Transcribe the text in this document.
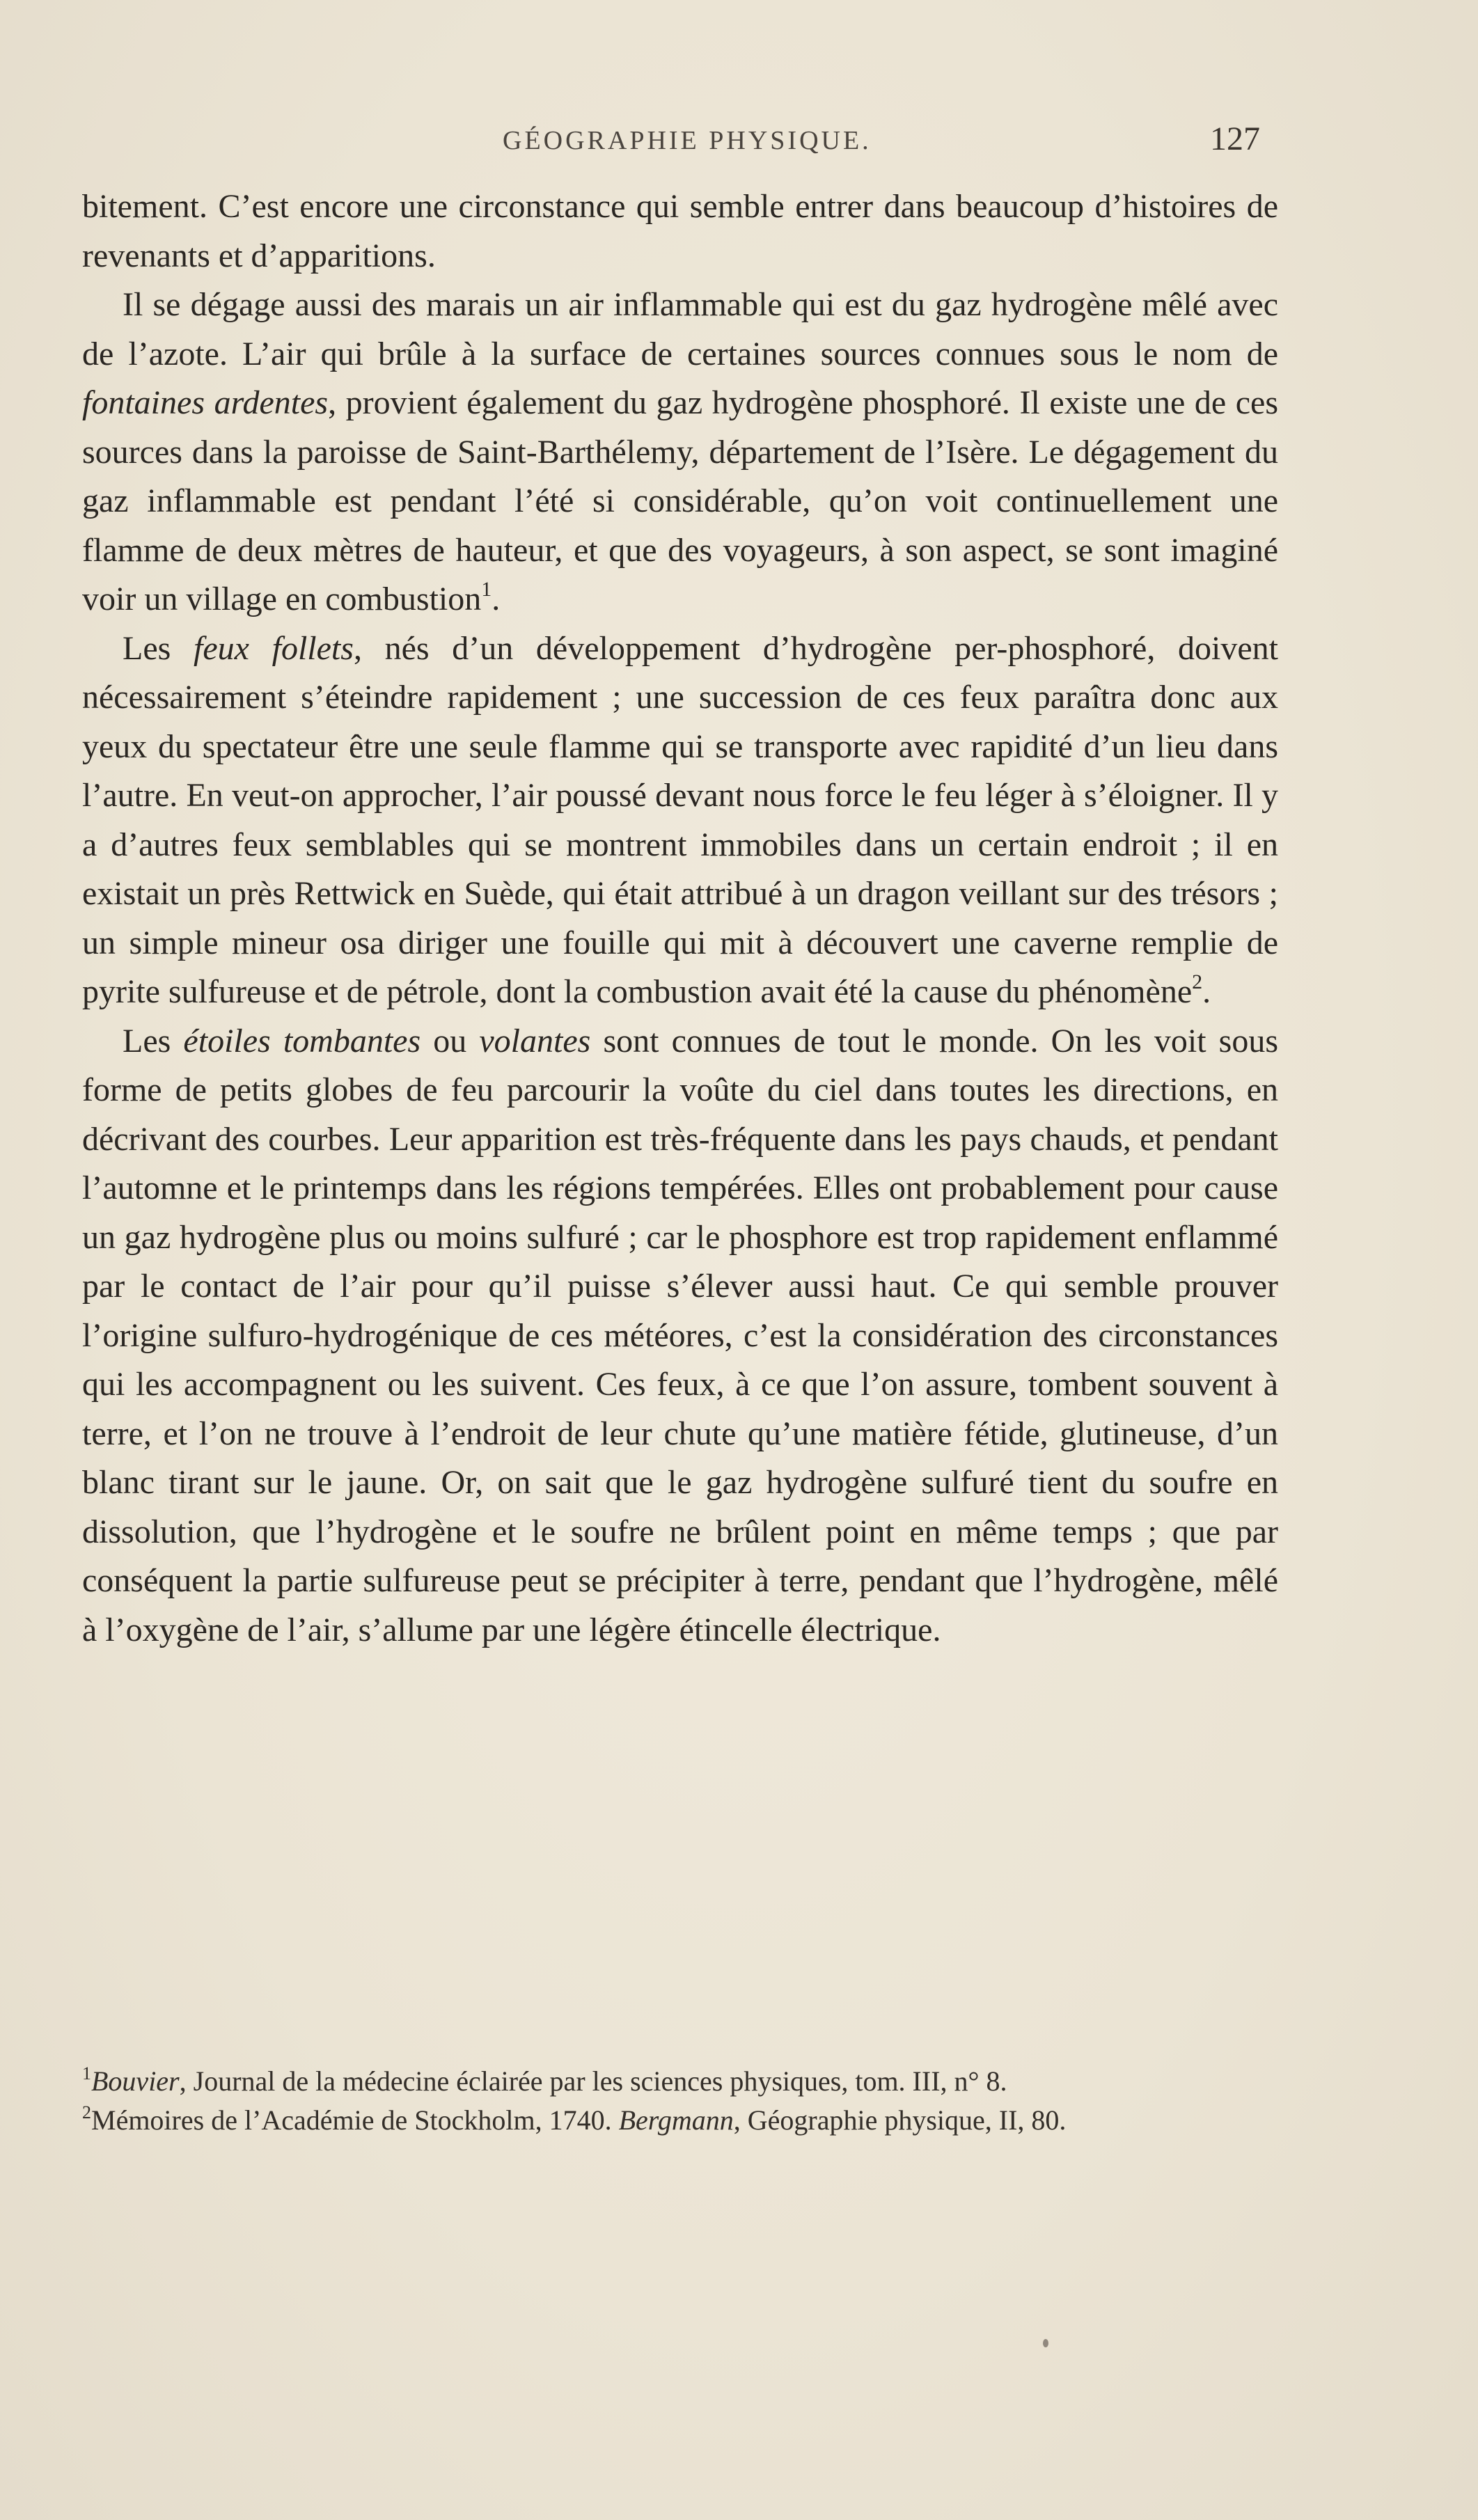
GÉOGRAPHIE PHYSIQUE.	127

bitement. C’est encore une circonstance qui semble entrer dans beaucoup d’histoires de revenants et d’apparitions.

Il se dégage aussi des marais un air inflammable qui est du gaz hydrogène mêlé avec de l’azote. L’air qui brûle à la surface de certaines sources connues sous le nom de fontaines ardentes, provient également du gaz hydrogène phosphoré. Il existe une de ces sources dans la paroisse de Saint-Barthélemy, département de l’Isère. Le dégagement du gaz inflammable est pendant l’été si considérable, qu’on voit continuellement une flamme de deux mètres de hauteur, et que des voyageurs, à son aspect, se sont imaginé voir un village en combustion$^1$.

Les feux follets, nés d’un développement d’hydrogène per-phosphoré, doivent nécessairement s’éteindre rapidement ; une succession de ces feux paraîtra donc aux yeux du spectateur être une seule flamme qui se transporte avec rapidité d’un lieu dans l’autre. En veut-on approcher, l’air poussé devant nous force le feu léger à s’éloigner. Il y a d’autres feux semblables qui se montrent immobiles dans un certain endroit ; il en existait un près Rettwick en Suède, qui était attribué à un dragon veillant sur des trésors ; un simple mineur osa diriger une fouille qui mit à découvert une caverne remplie de pyrite sulfureuse et de pétrole, dont la combustion avait été la cause du phénomène$^2$.

Les étoiles tombantes ou volantes sont connues de tout le monde. On les voit sous forme de petits globes de feu parcourir la voûte du ciel dans toutes les directions, en décrivant des courbes. Leur apparition est très-fréquente dans les pays chauds, et pendant l’automne et le printemps dans les régions tempérées. Elles ont probablement pour cause un gaz hydrogène plus ou moins sulfuré ; car le phosphore est trop rapidement enflammé par le contact de l’air pour qu’il puisse s’élever aussi haut. Ce qui semble prouver l’origine sulfuro-hydrogénique de ces météores, c’est la considération des circonstances qui les accompagnent ou les suivent. Ces feux, à ce que l’on assure, tombent souvent à terre, et l’on ne trouve à l’endroit de leur chute qu’une matière fétide, glutineuse, d’un blanc tirant sur le jaune. Or, on sait que le gaz hydrogène sulfuré tient du soufre en dissolution, que l’hydrogène et le soufre ne brûlent point en même temps ; que par conséquent la partie sulfureuse peut se précipiter à terre, pendant que l’hydrogène, mêlé à l’oxygène de l’air, s’allume par une légère étincelle électrique.

$^1$Bouvier, Journal de la médecine éclairée par les sciences physiques, tom. III, n° 8.

$^2$Mémoires de l’Académie de Stockholm, 1740. Bergmann, Géographie physique, II, 80.
